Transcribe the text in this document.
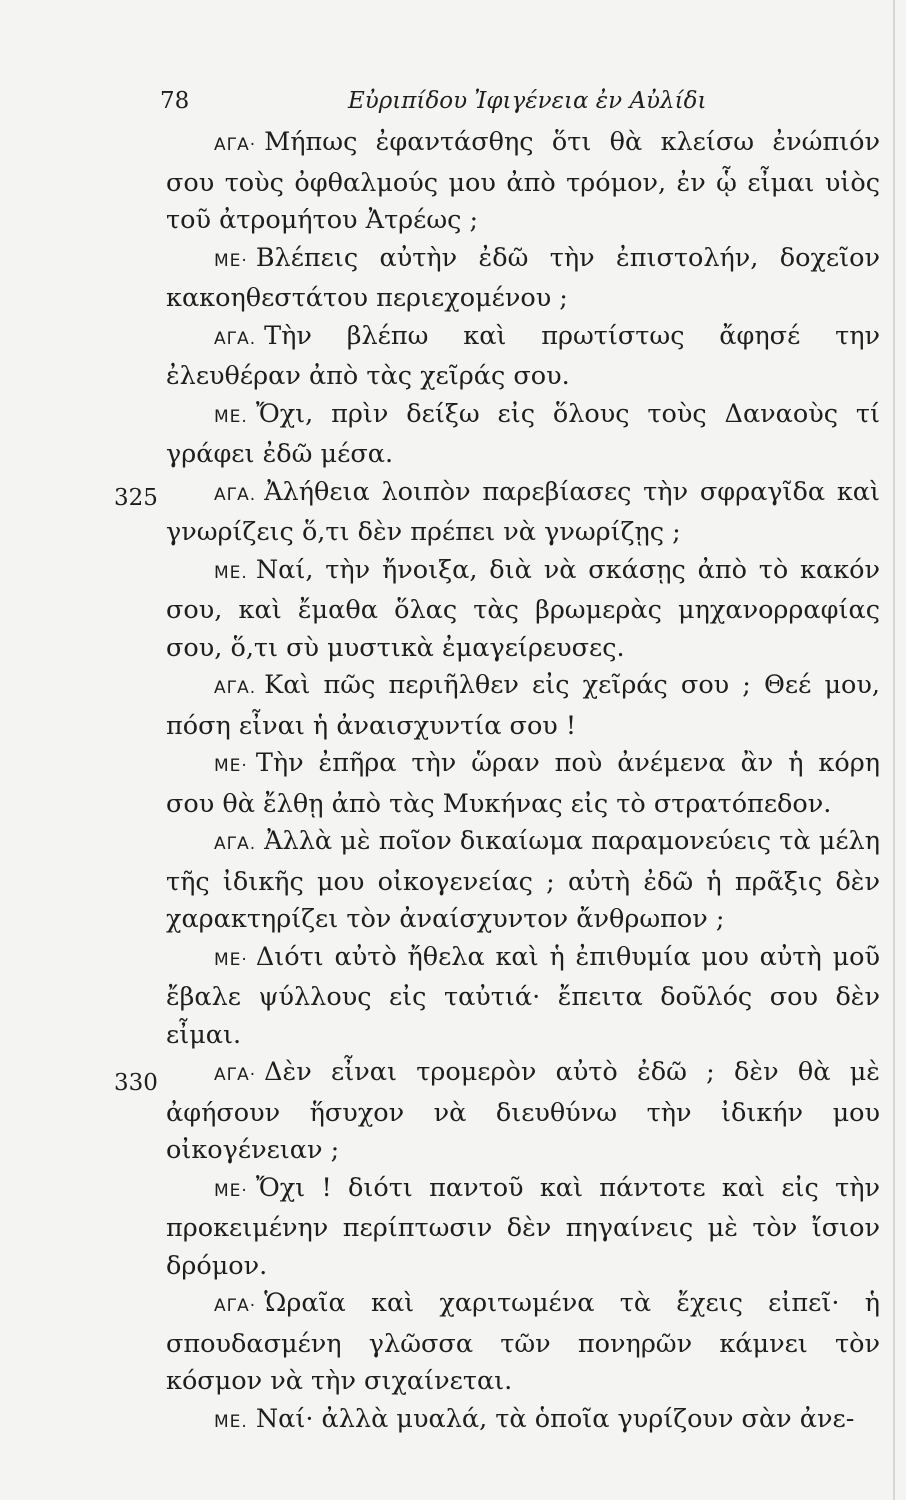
78	Εὐριπίδου Ἰφιγένεια ἐν Αὐλίδι
325
330

ΑΓΑ· Μήπως ἐφαντάσθης ὅτι θὰ κλείσω ἐνώπιόν σου τοὺς ὀφθαλμούς μου ἀπὸ τρόμον, ἐν ᾧ εἶμαι υἱὸς τοῦ ἀτρομήτου Ἀτρέως ;

ΜΕ· Βλέπεις αὐτὴν ἐδῶ τὴν ἐπιστολήν, δοχεῖον κακοηθεστάτου περιεχομένου ;

ΑΓΑ. Τὴν βλέπω καὶ πρωτίστως ἄφησέ την ἐλευθέραν ἀπὸ τὰς χεῖράς σου.

ΜΕ. Ὄχι, πρὶν δείξω εἰς ὅλους τοὺς Δαναοὺς τί γράφει ἐδῶ μέσα.

ΑΓΑ. Ἀλήθεια λοιπὸν παρεβίασες τὴν σφραγῖδα καὶ γνωρίζεις ὅ,τι δὲν πρέπει νὰ γνωρίζῃς ;

ΜΕ. Ναί, τὴν ἤνοιξα, διὰ νὰ σκάσῃς ἀπὸ τὸ κακόν σου, καὶ ἔμαθα ὅλας τὰς βρωμερὰς μηχανορραφίας σου, ὅ,τι σὺ μυστικὰ ἐμαγείρευσες.

ΑΓΑ. Καὶ πῶς περιῆλθεν εἰς χεῖράς σου ; Θεέ μου, πόση εἶναι ἡ ἀναισχυντία σου !

ΜΕ· Τὴν ἐπῆρα τὴν ὥραν ποὺ ἀνέμενα ἂν ἡ κόρη σου θὰ ἔλθῃ ἀπὸ τὰς Μυκήνας εἰς τὸ στρατόπεδον.

ΑΓΑ. Ἀλλὰ μὲ ποῖον δικαίωμα παραμονεύεις τὰ μέλη τῆς ἰδικῆς μου οἰκογενείας ; αὐτὴ ἐδῶ ἡ πρᾶξις δὲν χαρακτηρίζει τὸν ἀναίσχυντον ἄνθρωπον ;

ΜΕ· Διότι αὐτὸ ἤθελα καὶ ἡ ἐπιθυμία μου αὐτὴ μοῦ ἔβαλε ψύλλους εἰς ταὐτιά· ἔπειτα δοῦλός σου δὲν εἶμαι.

ΑΓΑ· Δὲν εἶναι τρομερὸν αὐτὸ ἐδῶ ; δὲν θὰ μὲ ἀφήσουν ἥσυχον νὰ διευθύνω τὴν ἰδικήν μου οἰκογένειαν ;

ΜΕ· Ὄχι ! διότι παντοῦ καὶ πάντοτε καὶ εἰς τὴν προκειμένην περίπτωσιν δὲν πηγαίνεις μὲ τὸν ἴσιον δρόμον.

ΑΓΑ· Ὡραῖα καὶ χαριτωμένα τὰ ἔχεις εἰπεῖ· ἡ σπουδασμένη γλῶσσα τῶν πονηρῶν κάμνει τὸν κόσμον νὰ τὴν σιχαίνεται.

ΜΕ. Ναί· ἀλλὰ μυαλά, τὰ ὁποῖα γυρίζουν σὰν ἀνε-
